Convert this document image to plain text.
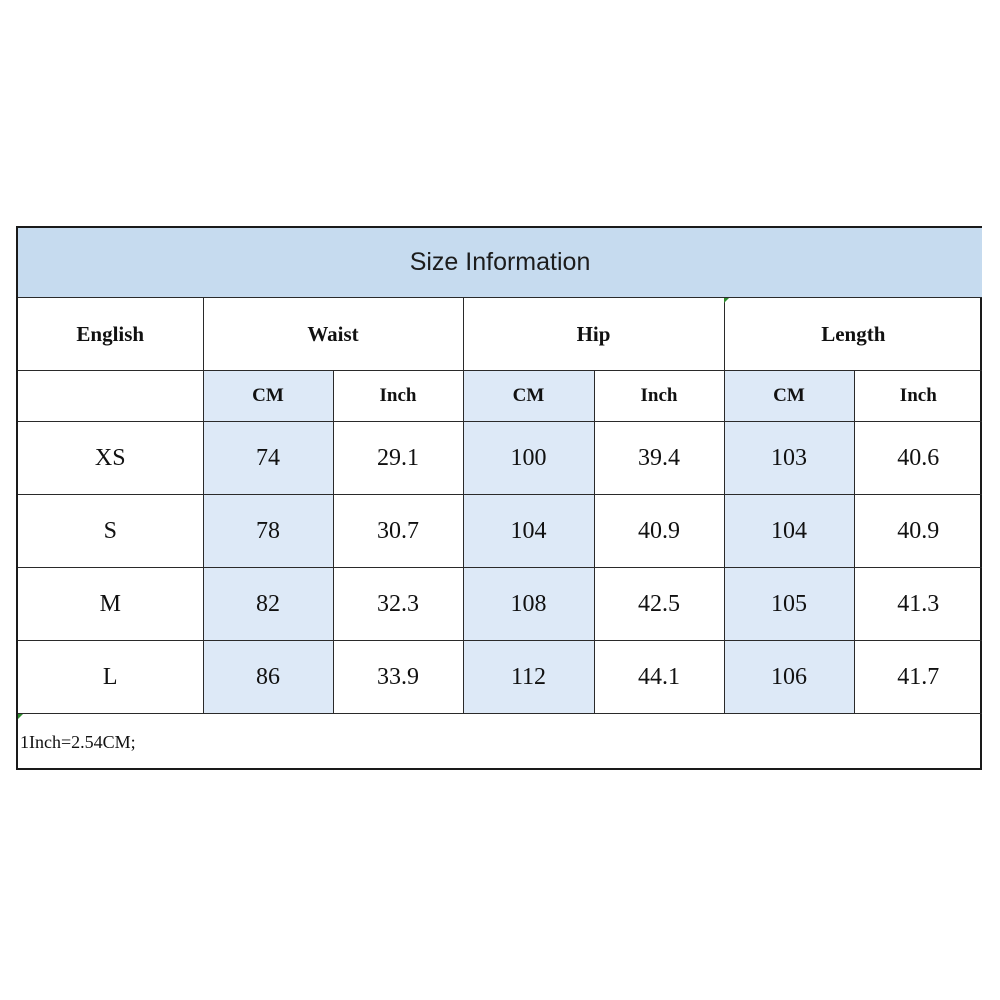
Size Information						
English	Waist		Hip		Length	
	CM	Inch	CM	Inch	CM	Inch
XS	74	29.1	100	39.4	103	40.6
S	78	30.7	104	40.9	104	40.9
M	82	32.3	108	42.5	105	41.3
L	86	33.9	112	44.1	106	41.7
1Inch=2.54CM;						
